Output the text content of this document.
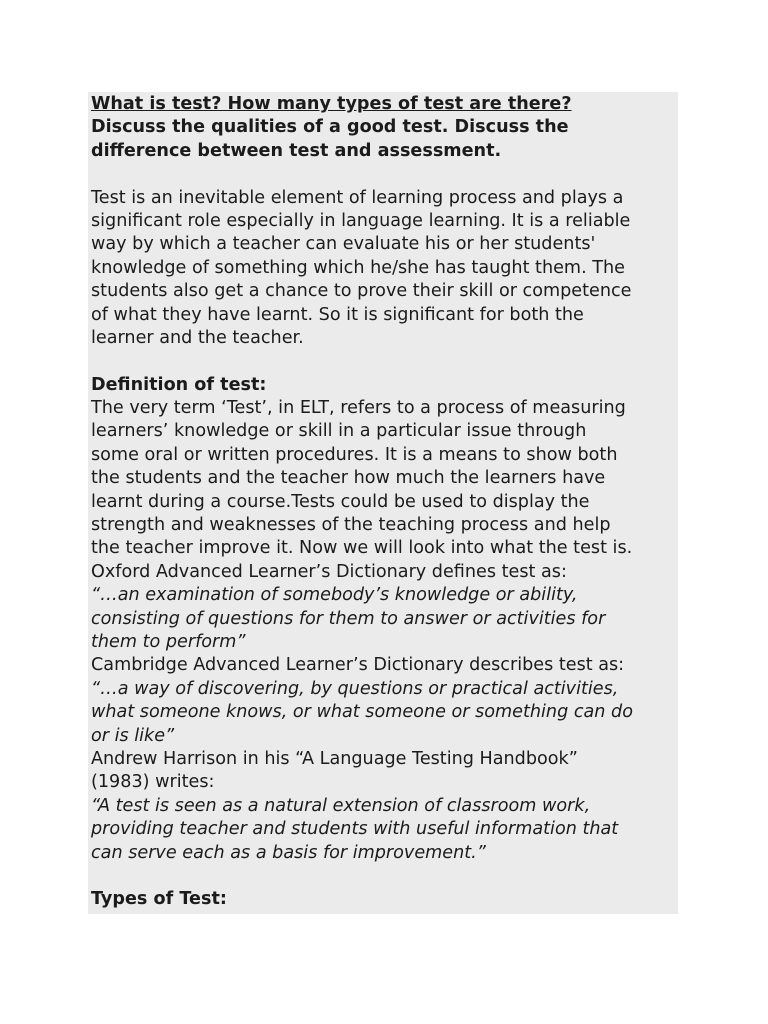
What is test? How many types of test are there?
Discuss the qualities of a good test. Discuss the
difference between test and assessment.
Test is an inevitable element of learning process and plays a
significant role especially in language learning. It is a reliable
way by which a teacher can evaluate his or her students'
knowledge of something which he/she has taught them. The
students also get a chance to prove their skill or competence
of what they have learnt. So it is significant for both the
learner and the teacher.
Definition of test:
The very term ‘Test’, in ELT, refers to a process of measuring
learners’ knowledge or skill in a particular issue through
some oral or written procedures. It is a means to show both
the students and the teacher how much the learners have
learnt during a course.Tests could be used to display the
strength and weaknesses of the teaching process and help
the teacher improve it. Now we will look into what the test is.
Oxford Advanced Learner’s Dictionary defines test as:
“…an examination of somebody’s knowledge or ability,
consisting of questions for them to answer or activities for
them to perform”
Cambridge Advanced Learner’s Dictionary describes test as:
“…a way of discovering, by questions or practical activities,
what someone knows, or what someone or something can do
or is like”
Andrew Harrison in his “A Language Testing Handbook”
(1983) writes:
“A test is seen as a natural extension of classroom work,
providing teacher and students with useful information that
can serve each as a basis for improvement.”
Types of Test:
